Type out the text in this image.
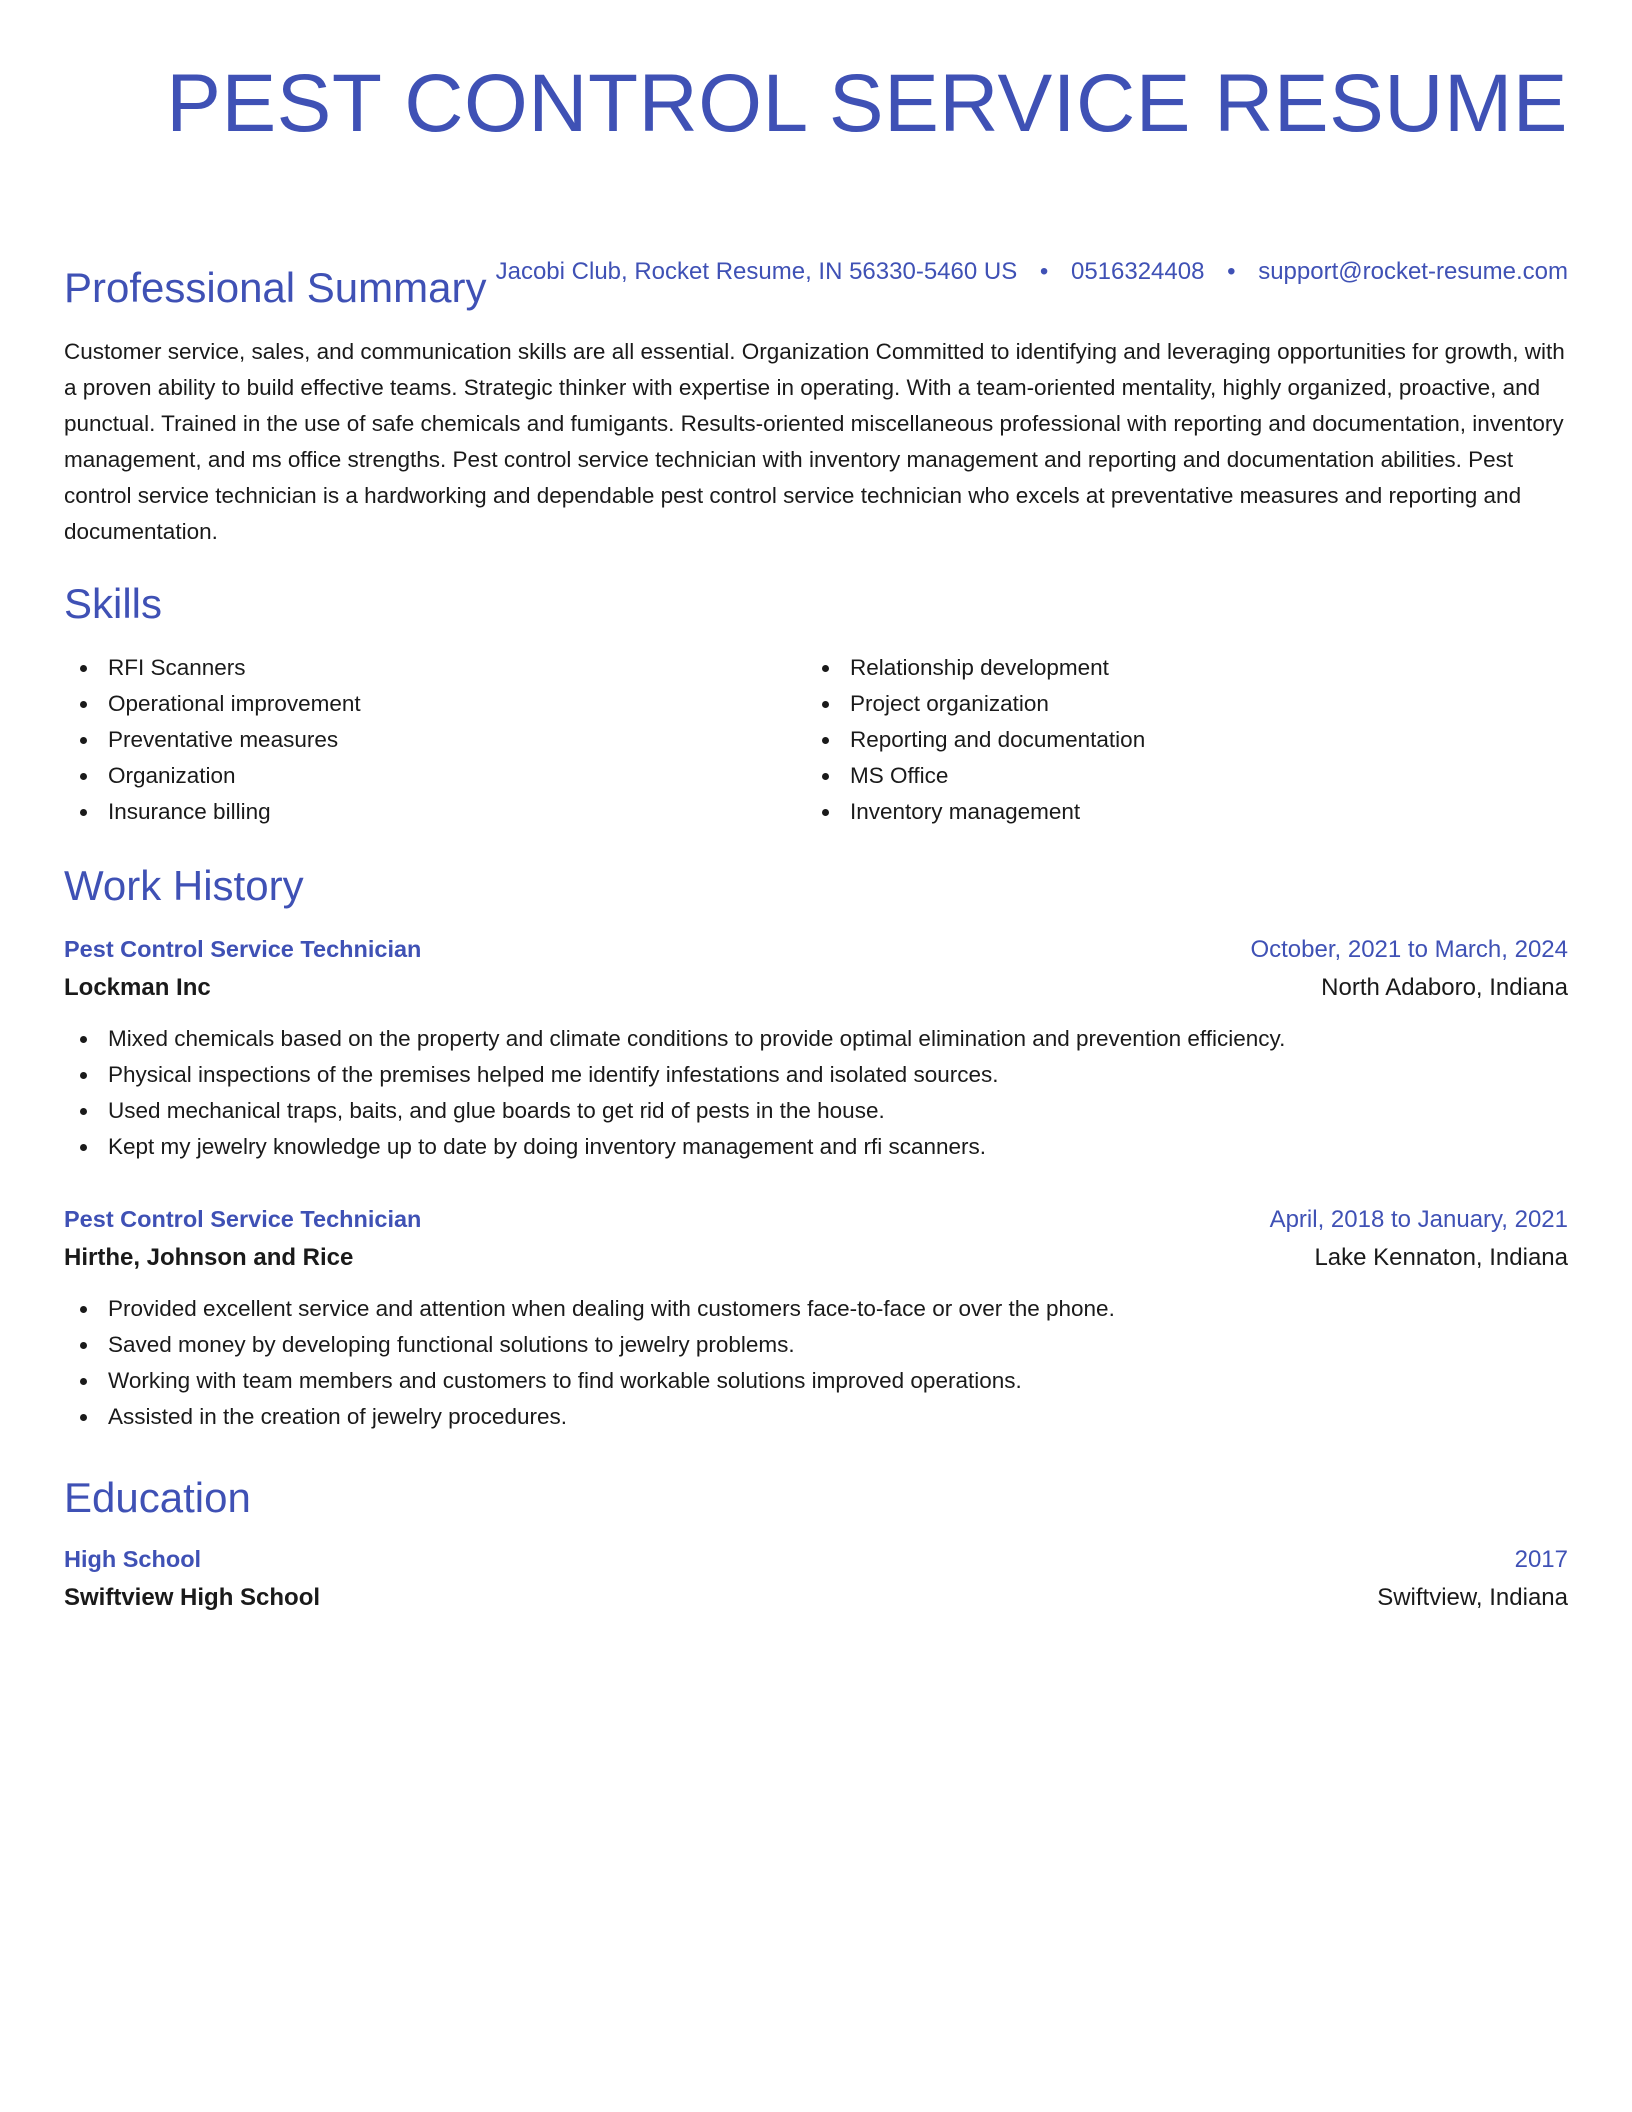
PEST CONTROL SERVICE RESUME
Jacobi Club, Rocket Resume, IN 56330-5460 US • 0516324408 • support@rocket-resume.com
Professional Summary

Customer service, sales, and communication skills are all essential. Organization Committed to identifying and leveraging opportunities for growth, with a proven ability to build effective teams. Strategic thinker with expertise in operating. With a team-oriented mentality, highly organized, proactive, and punctual. Trained in the use of safe chemicals and fumigants. Results-oriented miscellaneous professional with reporting and documentation, inventory management, and ms office strengths. Pest control service technician with inventory management and reporting and documentation abilities. Pest control service technician is a hardworking and dependable pest control service technician who excels at preventative measures and reporting and documentation.

Skills
RFI Scanners
Operational improvement
Preventative measures
Organization
Insurance billing
Relationship development
Project organization
Reporting and documentation
MS Office
Inventory management
Work History
Pest Control Service Technician	October, 2021 to March, 2024
Lockman Inc	North Adaboro, Indiana
Mixed chemicals based on the property and climate conditions to provide optimal elimination and prevention efficiency.
Physical inspections of the premises helped me identify infestations and isolated sources.
Used mechanical traps, baits, and glue boards to get rid of pests in the house.
Kept my jewelry knowledge up to date by doing inventory management and rfi scanners.
Pest Control Service Technician	April, 2018 to January, 2021
Hirthe, Johnson and Rice	Lake Kennaton, Indiana
Provided excellent service and attention when dealing with customers face-to-face or over the phone.
Saved money by developing functional solutions to jewelry problems.
Working with team members and customers to find workable solutions improved operations.
Assisted in the creation of jewelry procedures.
Education
High School	2017
Swiftview High School	Swiftview, Indiana
